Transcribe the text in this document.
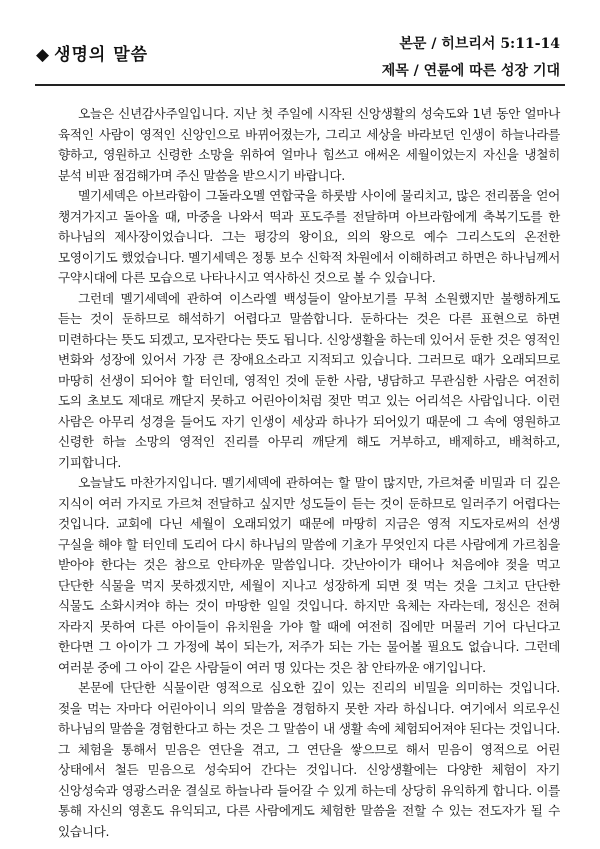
◆ 생명의 말씀
본문 / 히브리서 5:11-14
제목 / 연륜에 따른 성장 기대

오늘은 신년감사주일입니다. 지난 첫 주일에 시작된 신앙생활의 성숙도와 1년 동안 얼마나 육적인 사람이 영적인 신앙인으로 바뀌어졌는가, 그리고 세상을 바라보던 인생이 하늘나라를 향하고, 영원하고 신령한 소망을 위하여 얼마나 힘쓰고 애써온 세월이었는지 자신을 냉철히 분석 비판 점검해가며 주신 말씀을 받으시기 바랍니다.

멜기세덱은 아브라함이 그돌라오멜 연합국을 하룻밤 사이에 물리치고, 많은 전리품을 얻어 챙겨가지고 돌아올 때, 마중을 나와서 떡과 포도주를 전달하며 아브라함에게 축복기도를 한 하나님의 제사장이었습니다. 그는 평강의 왕이요, 의의 왕으로 예수 그리스도의 온전한 모영이기도 했었습니다. 멜기세덱은 정통 보수 신학적 차원에서 이해하려고 하면은 하나님께서 구약시대에 다른 모습으로 나타나시고 역사하신 것으로 볼 수 있습니다.

그런데 멜기세덱에 관하여 이스라엘 백성들이 알아보기를 무척 소원했지만 불행하게도 듣는 것이 둔하므로 해석하기 어렵다고 말씀합니다. 둔하다는 것은 다른 표현으로 하면 미련하다는 뜻도 되겠고, 모자란다는 뜻도 됩니다. 신앙생활을 하는데 있어서 둔한 것은 영적인 변화와 성장에 있어서 가장 큰 장애요소라고 지적되고 있습니다. 그러므로 때가 오래되므로 마땅히 선생이 되어야 할 터인데, 영적인 것에 둔한 사람, 냉담하고 무관심한 사람은 여전히 도의 초보도 제대로 깨닫지 못하고 어린아이처럼 젖만 먹고 있는 어리석은 사람입니다. 이런 사람은 아무리 성경을 들어도 자기 인생이 세상과 하나가 되어있기 때문에 그 속에 영원하고 신령한 하늘 소망의 영적인 진리를 아무리 깨닫게 해도 거부하고, 배제하고, 배척하고, 기피합니다.

오늘날도 마찬가지입니다. 멜기세덱에 관하여는 할 말이 많지만, 가르쳐줄 비밀과 더 깊은 지식이 여러 가지로 가르쳐 전달하고 싶지만 성도들이 듣는 것이 둔하므로 일러주기 어렵다는 것입니다. 교회에 다닌 세월이 오래되었기 때문에 마땅히 지금은 영적 지도자로써의 선생 구실을 해야 할 터인데 도리어 다시 하나님의 말씀에 기초가 무엇인지 다른 사람에게 가르침을 받아야 한다는 것은 참으로 안타까운 말씀입니다. 갓난아이가 태어나 처음에야 젖을 먹고 단단한 식물을 먹지 못하겠지만, 세월이 지나고 성장하게 되면 젖 먹는 것을 그치고 단단한 식물도 소화시켜야 하는 것이 마땅한 일일 것입니다. 하지만 육체는 자라는데, 정신은 전혀 자라지 못하여 다른 아이들이 유치원을 가야 할 때에 여전히 집에만 머물러 기어 다닌다고 한다면 그 아이가 그 가정에 복이 되는가, 저주가 되는 가는 물어볼 필요도 없습니다. 그런데 여러분 중에 그 아이 같은 사람들이 여러 명 있다는 것은 참 안타까운 얘기입니다.

본문에 단단한 식물이란 영적으로 심오한 깊이 있는 진리의 비밀을 의미하는 것입니다. 젖을 먹는 자마다 어린아이니 의의 말씀을 경험하지 못한 자라 하십니다. 여기에서 의로우신 하나님의 말씀을 경험한다고 하는 것은 그 말씀이 내 생활 속에 체험되어져야 된다는 것입니다. 그 체험을 통해서 믿음은 연단을 겪고, 그 연단을 쌓으므로 해서 믿음이 영적으로 어린 상태에서 철든 믿음으로 성숙되어 간다는 것입니다. 신앙생활에는 다양한 체험이 자기 신앙성숙과 영광스러운 결실로 하늘나라 들어갈 수 있게 하는데 상당히 유익하게 합니다. 이를 통해 자신의 영혼도 유익되고, 다른 사람에게도 체험한 말씀을 전할 수 있는 전도자가 될 수 있습니다.
